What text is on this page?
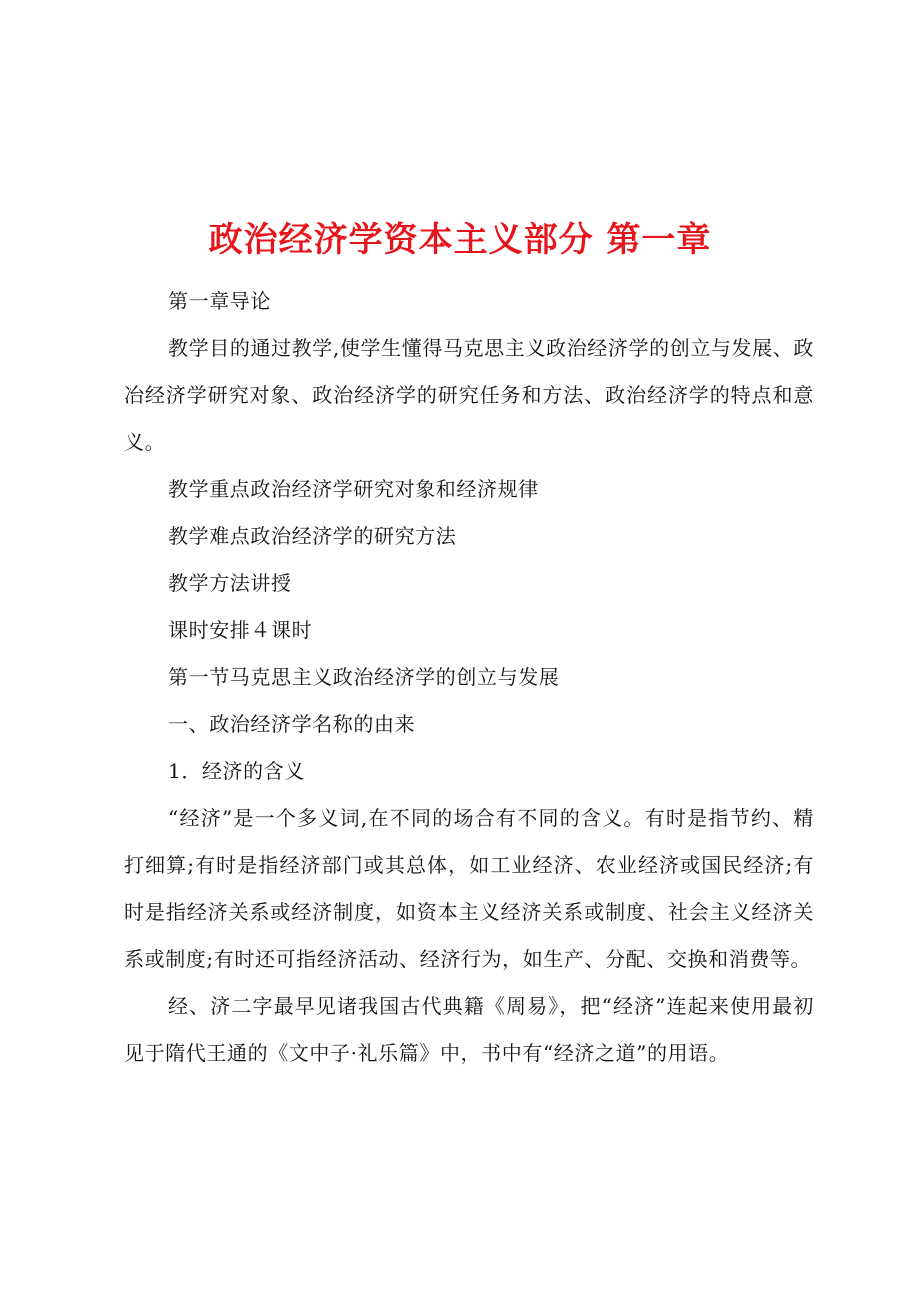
政治经济学资本主义部分 第一章

第一章导论

教学目的通过教学,使学生懂得马克思主义政治经济学的创立与发展、政冶经济学研究对象、政治经济学的研究任务和方法、政治经济学的特点和意义。

教学重点政治经济学研究对象和经济规律

教学难点政治经济学的研究方法

教学方法讲授

课时安排４课时

第一节马克思主义政治经济学的创立与发展

一、政治经济学名称的由来

1．经济的含义

“经济”是一个多义词,在不同的场合有不同的含义。有时是指节约、精打细算;有时是指经济部门或其总体，如工业经济、农业经济或国民经济;有时是指经济关系或经济制度，如资本主义经济关系或制度、社会主义经济关系或制度;有时还可指经济活动、经济行为，如生产、分配、交换和消费等。

经、济二字最早见诸我国古代典籍《周易》，把“经济”连起来使用最初见于隋代王通的《文中子·礼乐篇》中，书中有“经济之道”的用语。
